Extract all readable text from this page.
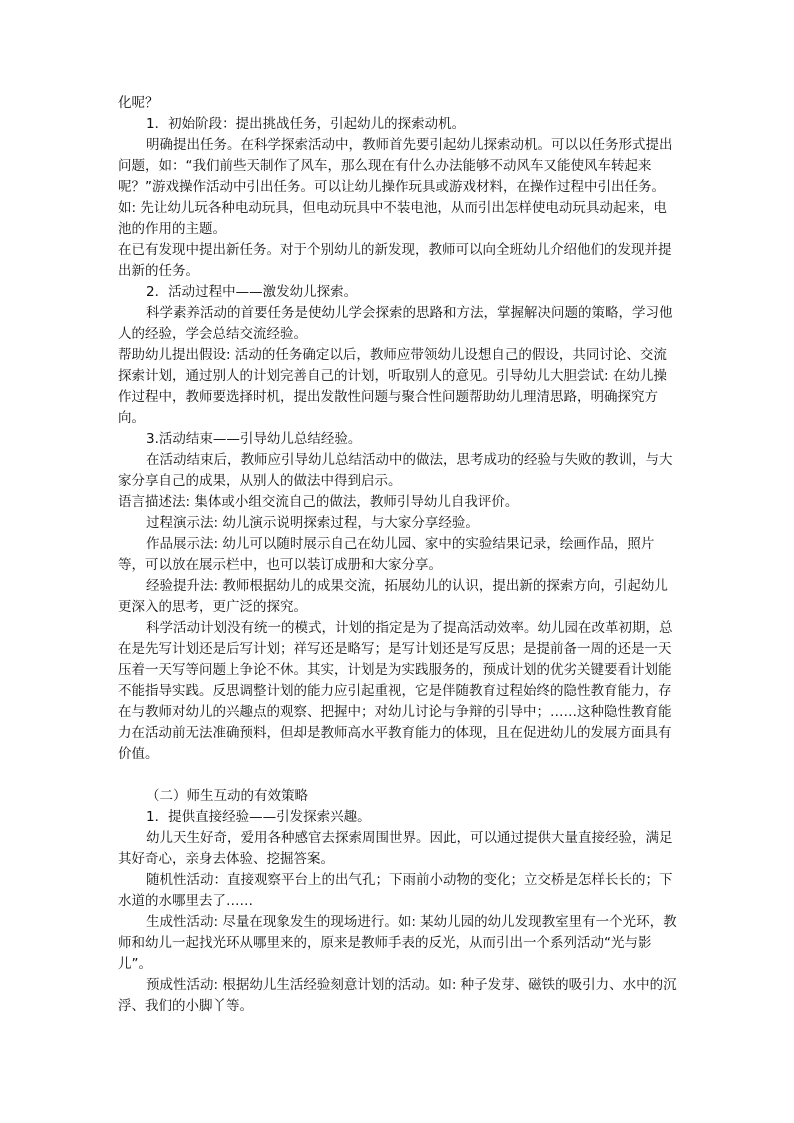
化呢？

1．初始阶段：提出挑战任务，引起幼儿的探索动机。

明确提出任务。在科学探索活动中，教师首先要引起幼儿探索动机。可以以任务形式提出问题，如：“我们前些天制作了风车，那么现在有什么办法能够不动风车又能使风车转起来呢？”游戏操作活动中引出任务。可以让幼儿操作玩具或游戏材料，在操作过程中引出任务。如: 先让幼儿玩各种电动玩具，但电动玩具中不装电池，从而引出怎样使电动玩具动起来，电池的作用的主题。

在已有发现中提出新任务。对于个别幼儿的新发现，教师可以向全班幼儿介绍他们的发现并提出新的任务。

2．活动过程中——激发幼儿探索。

科学素养活动的首要任务是使幼儿学会探索的思路和方法，掌握解决问题的策略，学习他人的经验，学会总结交流经验。

帮助幼儿提出假设: 活动的任务确定以后，教师应带领幼儿设想自己的假设，共同讨论、交流探索计划，通过别人的计划完善自己的计划，听取别人的意见。引导幼儿大胆尝试: 在幼儿操作过程中，教师要选择时机，提出发散性问题与聚合性问题帮助幼儿理清思路，明确探究方向。

3.活动结束——引导幼儿总结经验。

在活动结束后，教师应引导幼儿总结活动中的做法，思考成功的经验与失败的教训，与大家分享自己的成果，从别人的做法中得到启示。

语言描述法: 集体或小组交流自己的做法，教师引导幼儿自我评价。

过程演示法: 幼儿演示说明探索过程，与大家分享经验。

作品展示法: 幼儿可以随时展示自己在幼儿园、家中的实验结果记录，绘画作品，照片等，可以放在展示栏中，也可以装订成册和大家分享。

经验提升法: 教师根据幼儿的成果交流，拓展幼儿的认识，提出新的探索方向，引起幼儿更深入的思考，更广泛的探究。

科学活动计划没有统一的模式，计划的指定是为了提高活动效率。幼儿园在改革初期，总在是先写计划还是后写计划；祥写还是略写；是写计划还是写反思；是提前备一周的还是一天压着一天写等问题上争论不休。其实，计划是为实践服务的，预成计划的优劣关键要看计划能不能指导实践。反思调整计划的能力应引起重视，它是伴随教育过程始终的隐性教育能力，存在与教师对幼儿的兴趣点的观察、把握中；对幼儿讨论与争辩的引导中；……这种隐性教育能力在活动前无法准确预料，但却是教师高水平教育能力的体现，且在促进幼儿的发展方面具有价值。

（二）师生互动的有效策略

1．提供直接经验——引发探索兴趣。

幼儿天生好奇，爱用各种感官去探索周围世界。因此，可以通过提供大量直接经验，满足其好奇心，亲身去体验、挖掘答案。

随机性活动：直接观察平台上的出气孔；下雨前小动物的变化；立交桥是怎样长长的；下水道的水哪里去了……

生成性活动: 尽量在现象发生的现场进行。如: 某幼儿园的幼儿发现教室里有一个光环，教师和幼儿一起找光环从哪里来的，原来是教师手表的反光，从而引出一个系列活动“光与影儿”。

预成性活动: 根据幼儿生活经验刻意计划的活动。如: 种子发芽、磁铁的吸引力、水中的沉浮、我们的小脚丫等。
